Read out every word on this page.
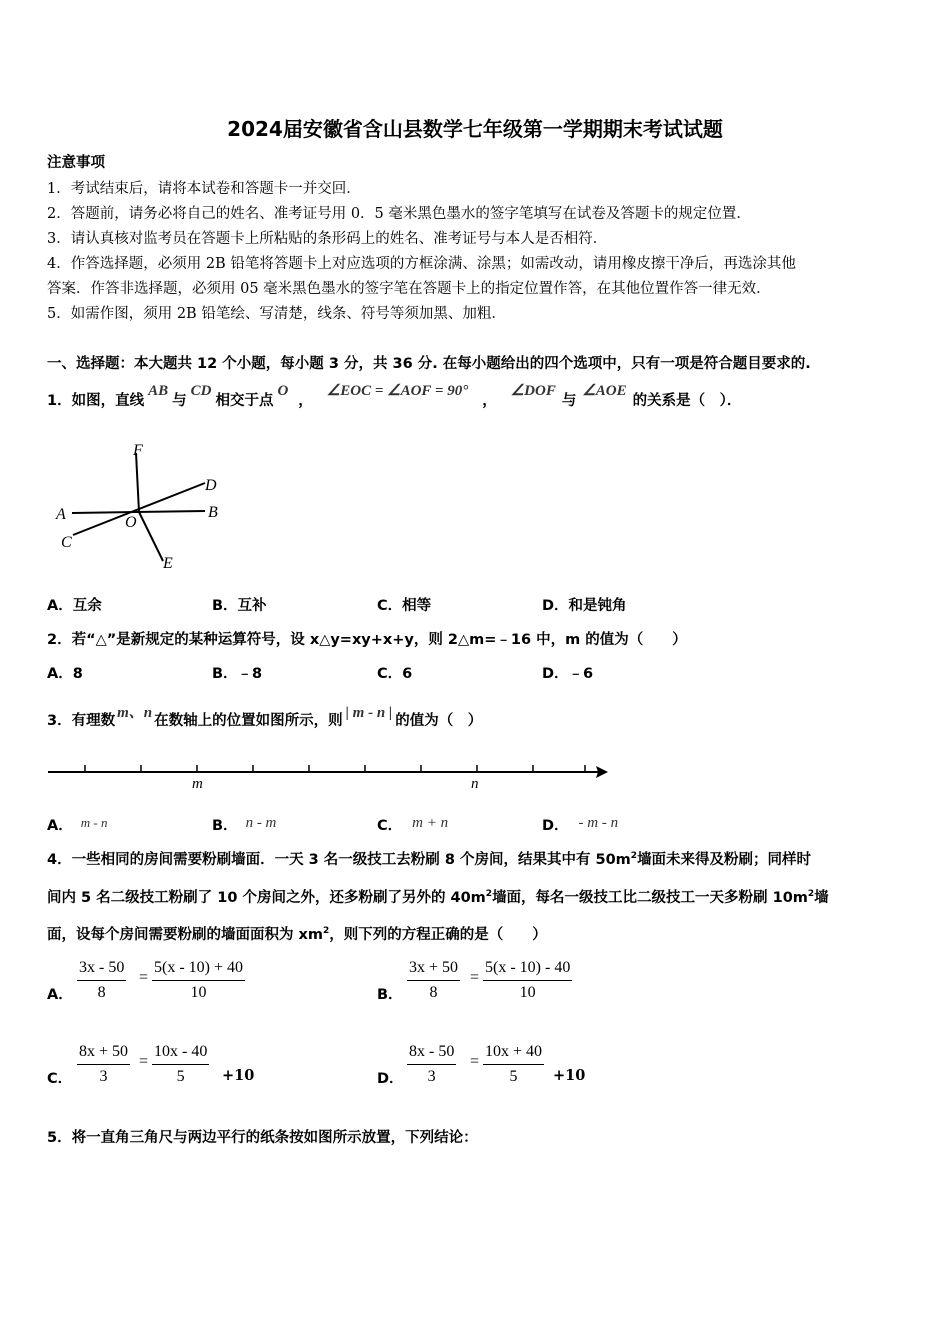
2024届安徽省含山县数学七年级第一学期期末考试试题
注意事项
1．考试结束后，请将本试卷和答题卡一并交回．
2．答题前，请务必将自己的姓名、准考证号用 0．5 毫米黑色墨水的签字笔填写在试卷及答题卡的规定位置．
3．请认真核对监考员在答题卡上所粘贴的条形码上的姓名、准考证号与本人是否相符．
4．作答选择题，必须用 2B 铅笔将答题卡上对应选项的方框涂满、涂黑；如需改动，请用橡皮擦干净后，再选涂其他
答案．作答非选择题，必须用 05 毫米黑色墨水的签字笔在答题卡上的指定位置作答，在其他位置作答一律无效．
5．如需作图，须用 2B 铅笔绘、写清楚，线条、符号等须加黑、加粗．
一、选择题：本大题共 12 个小题，每小题 3 分，共 36 分. 在每小题给出的四个选项中，只有一项是符合题目要求的.
1．如图，直线AB与CD相交于点O，∠EOC = ∠AOF = 90°，∠DOF与∠AOE的关系是（　）．
F
D
A	O
B
C
E
A．互余	B．互补	C．相等	D．和是钝角
2．若“△”是新规定的某种运算符号，设 x△y=xy+x+y，则 2△m=﹣16 中，m 的值为（　　）
A．8	B．﹣8	C．6	D．﹣6
3．有理数 m、n 在数轴上的位置如图所示，则 | m - n | 的值为（　）
m	n
A． m - n	B． n - m	C． m + n	D． - m - n
4．一些相同的房间需要粉刷墙面．一天 3 名一级技工去粉刷 8 个房间，结果其中有 $50m^2$墙面未来得及粉刷；同样时
间内 5 名二级技工粉刷了 10 个房间之外，还多粉刷了另外的 $40m^2$墙面，每名一级技工比二级技工一天多粉刷 $10m^2$墙
面，设每个房间需要粉刷的墙面面积为 $xm^2$，则下列的方程正确的是（　　）
A． $\frac{3x - 50}{8} = \frac{5(x - 10) + 40}{10}$	B． $\frac{3x + 50}{8} = \frac{5(x - 10) - 40}{10}$
C． $\frac{8x + 50}{3} = \frac{10x - 40}{5} +10$	D． $\frac{8x - 50}{3} = \frac{10x + 40}{5} +10$
5．将一直角三角尺与两边平行的纸条按如图所示放置，下列结论：
